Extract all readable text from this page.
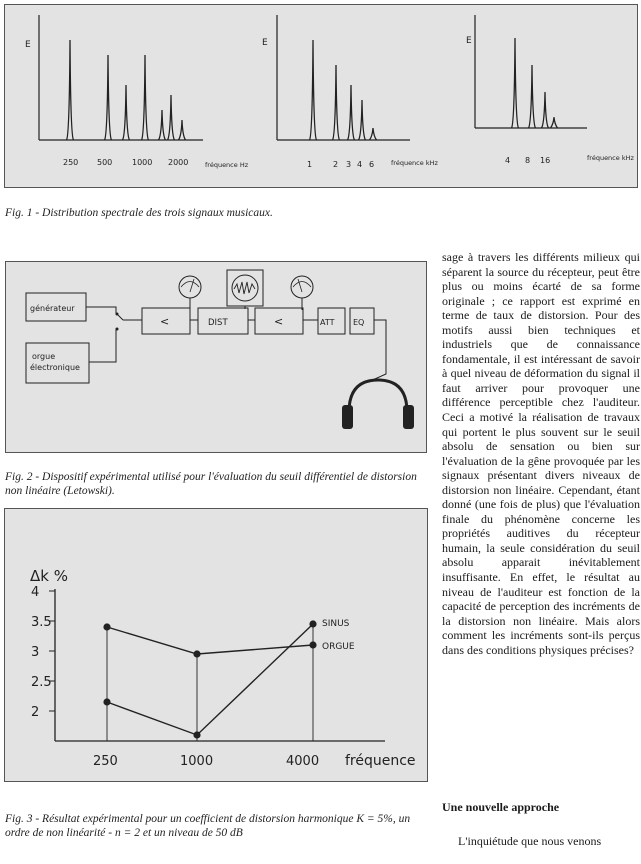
E
250 500 1000 2000	fréquence Hz
E
1	2 3 4 6	fréquence kHz
E
4 8 16	fréquence kHz
Fig. 1 - Distribution spectrale des trois signaux musicaux.
générateur
orgue
électronique
<	DIST	<	ATT EQ
Fig. 2 - Dispositif expérimental utilisé pour l'évaluation du seuil différentiel de distorsion non linéaire (Letowski).
Δk %
2
2.5
3
3.5
4
250	1000	4000 fréquence
SINUS
ORGUE
Fig. 3 - Résultat expérimental pour un coefficient de distorsion harmonique K = 5%, un ordre de non linéarité - n = 2 et un niveau de 50 dB

sage à travers les différents milieux qui séparent la source du récepteur, peut être plus ou moins écarté de sa forme originale ; ce rapport est exprimé en terme de taux de distorsion. Pour des motifs aussi bien techniques et industriels que de connaissance fondamentale, il est intéressant de savoir à quel niveau de déformation du signal il faut arriver pour provoquer une différence perceptible chez l'auditeur. Ceci a motivé la réalisation de travaux qui portent le plus souvent sur le seuil absolu de sensation ou bien sur l'évaluation de la gêne provoquée par les signaux présentant divers niveaux de distorsion non linéaire. Cependant, étant donné (une fois de plus) que l'évaluation finale du phénomène concerne les propriétés auditives du récepteur humain, la seule considération du seuil absolu apparait inévitablement insuffisante. En effet, le résultat au niveau de l'auditeur est fonction de la capacité de perception des incréments de la distorsion non linéaire. Mais alors comment les incréments sont-ils perçus dans des conditions physiques précises?

Une nouvelle approche
L'inquiétude que nous venons
